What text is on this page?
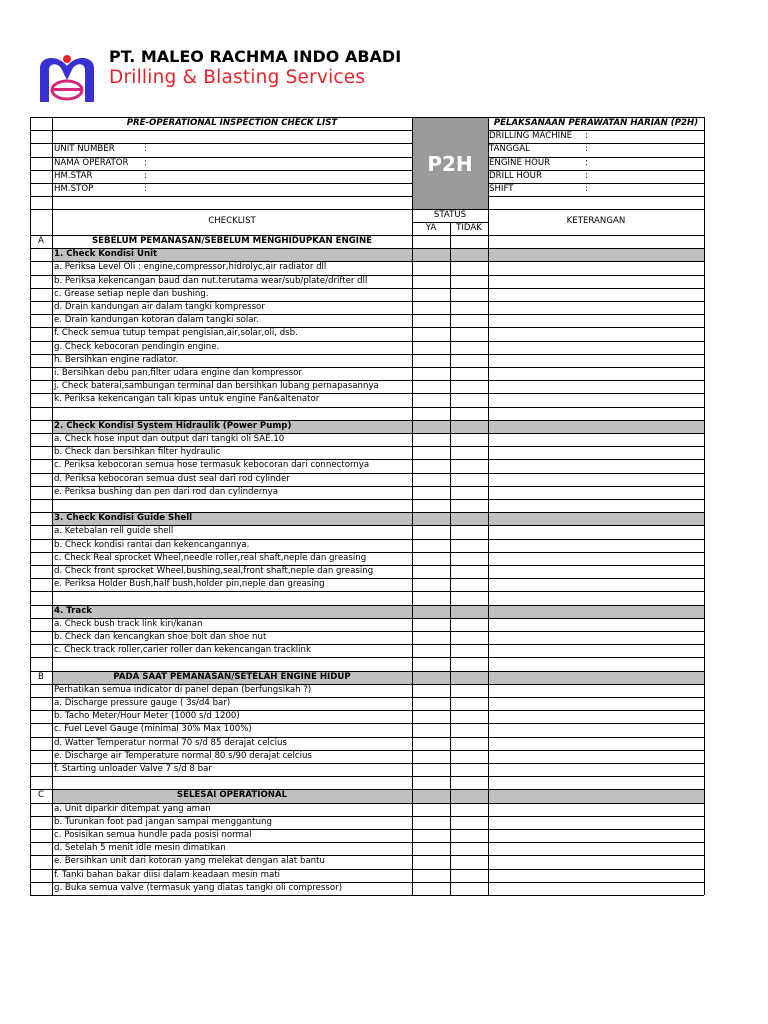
PT. MALEO RACHMA INDO ABADI
Drilling & Blasting Services
P2H
PRE-OPERATIONAL INSPECTION CHECK LIST	PELAKSANAAN PERAWATAN HARIAN (P2H)
UNIT NUMBER	:
NAMA OPERATOR :
HM.STAR	:
HM.STOP	:
DRILLING MACHINE :
TANGGAL	:
ENGINE HOUR	:
DRILL HOUR	:
SHIFT	:
CHECKLIST
STATUS
YA	TIDAK
KETERANGAN
A	SEBELUM PEMANASAN/SEBELUM MENGHIDUPKAN ENGINE
1. Check Kondisi Unit
a. Periksa Level Oli : engine,compressor,hidrolyc,air radiator dll
b. Periksa kekencangan baud dan nut.terutama wear/sub/plate/drifter dll
c. Grease setiap neple dan bushing.
d. Drain kandungan air dalam tangki kompressor
e. Drain kandungan kotoran dalam tangki solar.
f. Check semua tutup tempat pengisian,air,solar,oli, dsb.
g. Check kebocoran pendingin engine.
h. Bersihkan engine radiator.
i. Bersihkan debu pan,filter udara engine dan kompressor
j. Check baterai,sambungan terminal dan bersihkan lubang pernapasannya
k. Periksa kekencangan tali kipas untuk engine Fan&altenator
2. Check Kondisi System Hidraulik (Power Pump)
a. Check hose input dan output dari tangki oli SAE.10
b. Check dan bersihkan filter hydraulic
c. Periksa kebocoran semua hose termasuk kebocoran dari connectornya
d. Periksa kebocoran semua dust seal dari rod cylinder
e. Periksa bushing dan pen dari rod dan cylindernya
3. Check Kondisi Guide Shell
a. Ketebalan rell guide shell
b. Check kondisi rantai dan kekencangannya.
c. Check Real sprocket Wheel,needle roller,real shaft,neple dan greasing
d. Check front sprocket Wheel,bushing,seal,front shaft,neple dan greasing
e. Periksa Holder Bush,half bush,holder pin,neple dan greasing
4. Track
a. Check bush track link kiri/kanan
b. Check dan kencangkan shoe bolt dan shoe nut
c. Check track roller,carier roller dan kekencangan tracklink
B	PADA SAAT PEMANASAN/SETELAH ENGINE HIDUP
Perhatikan semua indicator di panel depan (berfungsikah ?)
a. Discharge pressure gauge ( 3s/d4 bar)
b. Tacho Meter/Hour Meter (1000 s/d 1200)
c. Fuel Level Gauge (minimal 30% Max 100%)
d. Watter Temperatur normal 70 s/d 85 derajat celcius
e. Discharge air Temperature normal 80 s/90 derajat celcius
f. Starting unloader Valve 7 s/d 8 bar
C	SELESAI OPERATIONAL
a. Unit diparkir ditempat yang aman
b. Turunkan foot pad jangan sampai menggantung
c. Posisikan semua hundle pada posisi normal
d. Setelah 5 menit idle mesin dimatikan
e. Bersihkan unit dari kotoran yang melekat dengan alat bantu
f. Tanki bahan bakar diisi dalam keadaan mesin mati
g. Buka semua valve (termasuk yang diatas tangki oli compressor)
